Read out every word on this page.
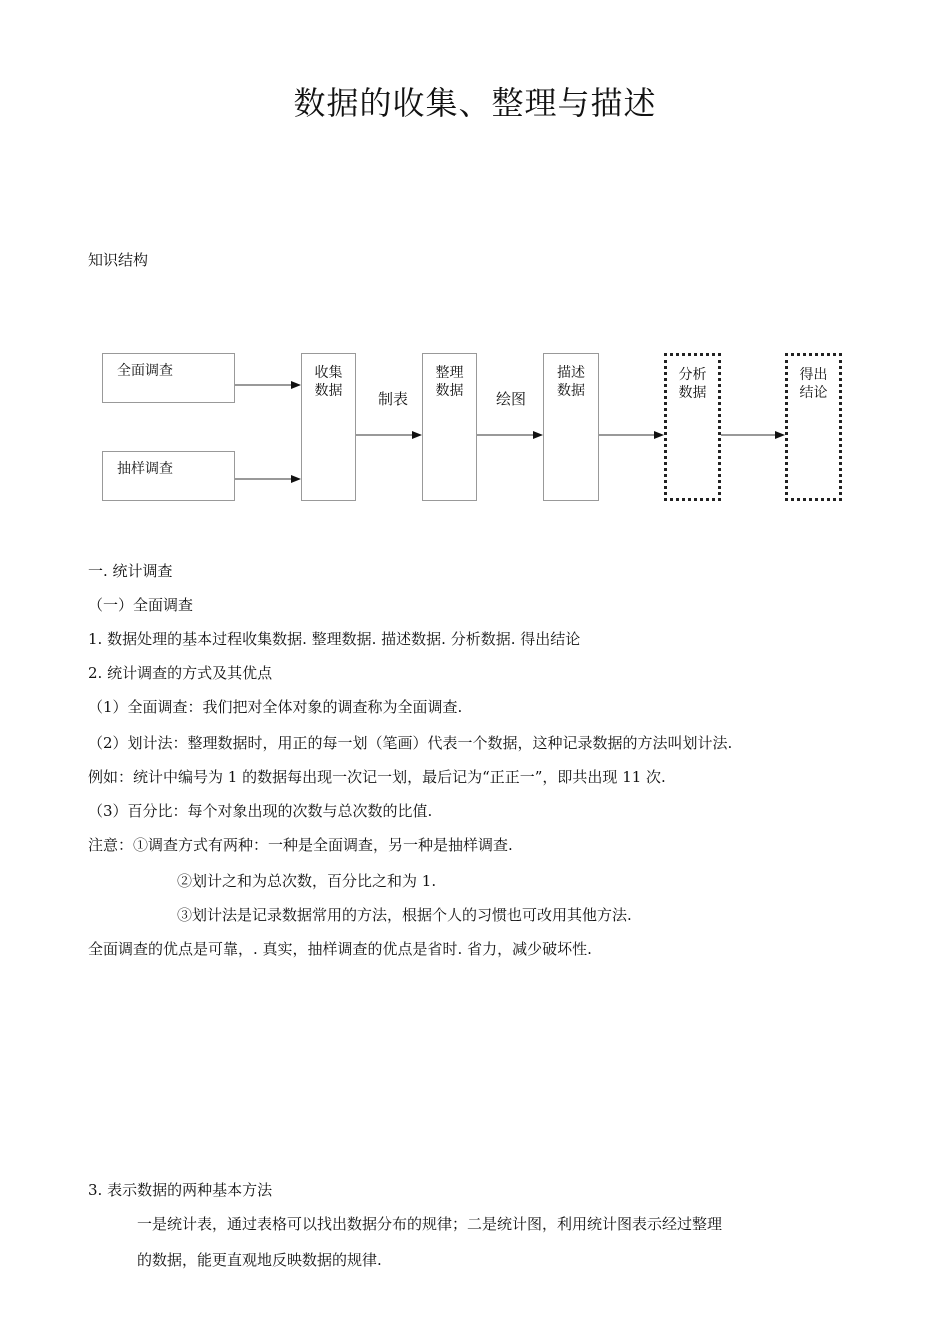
数据的收集、整理与描述
知识结构
全面调查
抽样调查
收集
数据
整理
数据
描述
数据
分析
数据
得出
结论
制表	绘图
一. 统计调查
（一）全面调查
1. 数据处理的基本过程收集数据. 整理数据. 描述数据. 分析数据. 得出结论
2. 统计调查的方式及其优点
（1）全面调查：我们把对全体对象的调查称为全面调查.
（2）划计法：整理数据时，用正的每一划（笔画）代表一个数据，这种记录数据的方法叫划计法.
例如：统计中编号为 1 的数据每出现一次记一划，最后记为“正正一”，即共出现 11 次.
（3）百分比：每个对象出现的次数与总次数的比值.
注意：①调查方式有两种：一种是全面调查，另一种是抽样调查.
②划计之和为总次数，百分比之和为 1.
③划计法是记录数据常用的方法，根据个人的习惯也可改用其他方法.
全面调查的优点是可靠，. 真实，抽样调查的优点是省时. 省力，减少破坏性.
3. 表示数据的两种基本方法
一是统计表，通过表格可以找出数据分布的规律；二是统计图，利用统计图表示经过整理
的数据，能更直观地反映数据的规律.
